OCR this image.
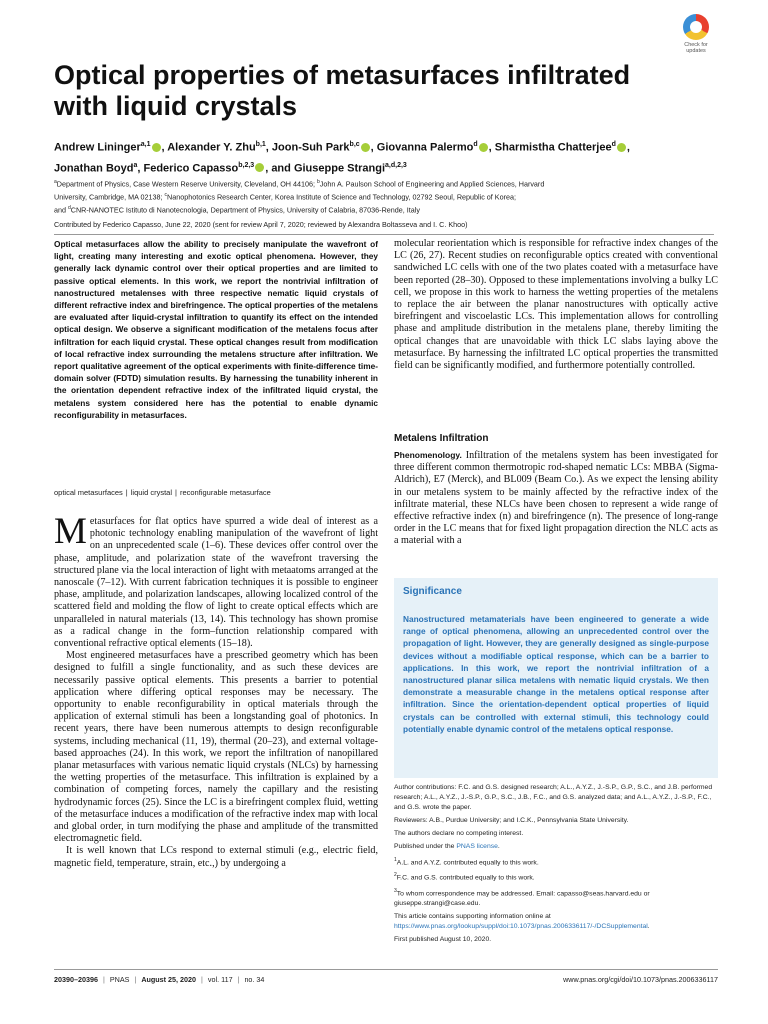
Check for updates
Optical properties of metasurfaces infiltrated with liquid crystals
Andrew Lininger$^{a,1}$ , Alexander Y. Zhu$^{b,1}$, Joon-Suh Park$^{b,c}$ , Giovanna Palermo$^d$ , Sharmistha Chatterjee$^d$ ,
Jonathan Boyd$^a$, Federico Capasso$^{b,2,3}$ , and Giuseppe Strangi$^{a,d,2,3}$
$^a$Department of Physics, Case Western Reserve University, Cleveland, OH 44106; $^b$John A. Paulson School of Engineering and Applied Sciences, Harvard
University, Cambridge, MA 02138; $^c$Nanophotonics Research Center, Korea Institute of Science and Technology, 02792 Seoul, Republic of Korea;
and $^d$CNR-NANOTEC Istituto di Nanotecnologia, Department of Physics, University of Calabria, 87036-Rende, Italy
Contributed by Federico Capasso, June 22, 2020 (sent for review April 7, 2020; reviewed by Alexandra Boltasseva and I. C. Khoo)
Optical metasurfaces allow the ability to precisely manipulate the wavefront of light, creating many interesting and exotic optical phenomena. However, they generally lack dynamic control over their optical properties and are limited to passive optical elements. In this work, we report the nontrivial infiltration of nanostructured metalenses with three respective nematic liquid crystals of different refractive index and birefringence. The optical properties of the metalens are evaluated after liquid-crystal infiltration to quantify its effect on the intended optical design. We observe a significant modification of the metalens focus after infiltration for each liquid crystal. These optical changes result from modification of local refractive index surrounding the metalens structure after infiltration. We report qualitative agreement of the optical experiments with finite-difference time-domain solver (FDTD) simulation results. By harnessing the tunability inherent in the orientation dependent refractive index of the infiltrated liquid crystal, the metalens system considered here has the potential to enable dynamic reconfigurability in metasurfaces.
optical metasurfaces | liquid crystal | reconfigurable metasurface

Metasurfaces for flat optics have spurred a wide deal of interest as a photonic technology enabling manipulation of the wavefront of light on an unprecedented scale (1–6). These devices offer control over the phase, amplitude, and polarization state of the wavefront traversing the structured plane via the local interaction of light with metaatoms arranged at the nanoscale (7–12). With current fabrication techniques it is possible to engineer phase, amplitude, and polarization landscapes, allowing localized control of the scattered field and molding the flow of light to create optical effects which are unparalleled in natural materials (13, 14). This technology has shown promise as a radical change in the form–function relationship compared with conventional refractive optical elements (15–18).

Most engineered metasurfaces have a prescribed geometry which has been designed to fulfill a single functionality, and as such these devices are necessarily passive optical elements. This presents a barrier to potential application where differing optical responses may be necessary. The opportunity to enable reconfigurability in optical materials through the application of external stimuli has been a longstanding goal of photonics. In recent years, there have been numerous attempts to design reconfigurable systems, including mechanical (11, 19), thermal (20–23), and external voltage-based approaches (24). In this work, we report the infiltration of nanopillared planar metasurfaces with various nematic liquid crystals (NLCs) by harnessing the wetting properties of the metasurface. This infiltration is explained by a combination of competing forces, namely the capillary and the resisting hydrodynamic forces (25). Since the LC is a birefringent complex fluid, wetting of the metasurface induces a modification of the refractive index map with local and global order, in turn modifying the phase and amplitude of the transmitted electromagnetic field.

It is well known that LCs respond to external stimuli (e.g., electric field, magnetic field, temperature, strain, etc.,) by undergoing a

molecular reorientation which is responsible for refractive index changes of the LC (26, 27). Recent studies on reconfigurable optics created with conventional sandwiched LC cells with one of the two plates coated with a metasurface have been reported (28–30). Opposed to these implementations involving a bulky LC cell, we propose in this work to harness the wetting properties of the metalens to replace the air between the planar nanostructures with optically active birefringent and viscoelastic LCs. This implementation allows for controlling phase and amplitude distribution in the metalens plane, thereby limiting the optical changes that are unavoidable with thick LC slabs laying above the metasurface. By harnessing the infiltrated LC optical properties the transmitted field can be significantly modified, and furthermore potentially controlled.
Metalens Infiltration
Phenomenology. Infiltration of the metalens system has been investigated for three different common thermotropic rod-shaped nematic LCs: MBBA (Sigma-Aldrich), E7 (Merck), and BL009 (Beam Co.). As we expect the lensing ability in our metalens system to be mainly affected by the refractive index of the infiltrate material, these NLCs have been chosen to represent a wide range of effective refractive index (n) and birefringence (n). The presence of long-range order in the LC means that for fixed light propagation direction the NLC acts as a material with a
Significance
Nanostructured metamaterials have been engineered to generate a wide range of optical phenomena, allowing an unprecedented control over the propagation of light. However, they are generally designed as single-purpose devices without a modifiable optical response, which can be a barrier to applications. In this work, we report the nontrivial infiltration of a nanostructured planar silica metalens with nematic liquid crystals. We then demonstrate a measurable change in the metalens optical response after infiltration. Since the orientation-dependent optical properties of liquid crystals can be controlled with external stimuli, this technology could potentially enable dynamic control of the metalens optical response.

Author contributions: F.C. and G.S. designed research; A.L., A.Y.Z., J.-S.P., G.P., S.C., and J.B. performed research; A.L., A.Y.Z., J.-S.P., G.P., S.C., J.B., F.C., and G.S. analyzed data; and A.L., A.Y.Z., J.-S.P., F.C., and G.S. wrote the paper.

Reviewers: A.B., Purdue University; and I.C.K., Pennsylvania State University.

The authors declare no competing interest.

Published under the PNAS license.

$^1$A.L. and A.Y.Z. contributed equally to this work.

$^2$F.C. and G.S. contributed equally to this work.

$^3$To whom correspondence may be addressed. Email: capasso@seas.harvard.edu or giuseppe.strangi@case.edu.

This article contains supporting information online at https://www.pnas.org/lookup/suppl/doi:10.1073/pnas.2006336117/-/DCSupplemental.

First published August 10, 2020.

20390–20396 | PNAS | August 25, 2020 | vol. 117 | no. 34	www.pnas.org/cgi/doi/10.1073/pnas.2006336117
